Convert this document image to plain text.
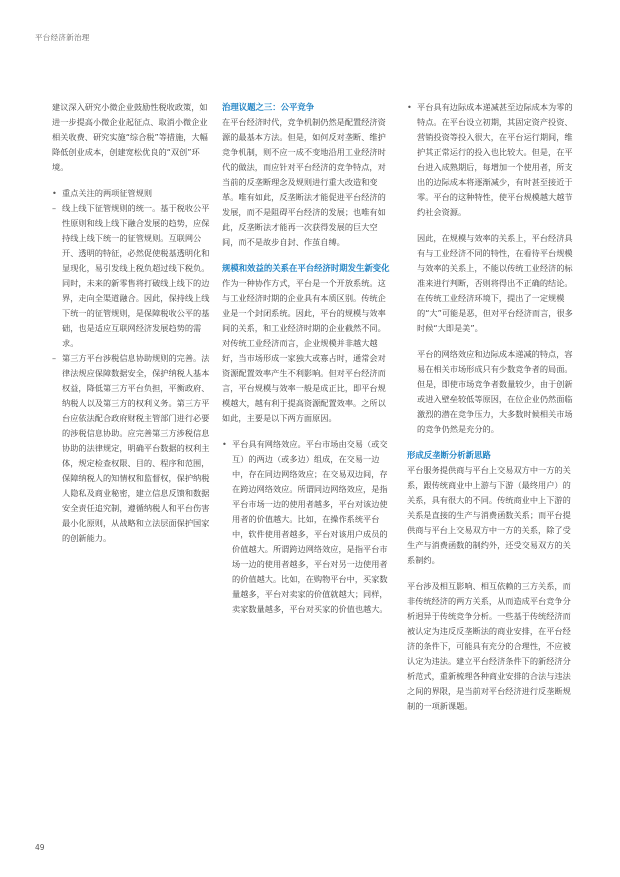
平台经济新治理

建议深入研究小微企业鼓励性税收政策，如进一步提高小微企业起征点、取消小微企业相关收费、研究实施“综合税”等措施，大幅降低创业成本，创建宽松优良的“双创”环境。

• 重点关注的两项征管规则
– 线上线下征管规则的统一。基于税收公平性原则和线上线下融合发展的趋势，应保持线上线下统一的征管规则。互联网公开、透明的特征，必然促使税基透明化和显现化，易引发线上税负超过线下税负。同时，未来的新零售将打破线上线下的边界，走向全渠道融合。因此，保持线上线下统一的征管规则，是保障税收公平的基础，也是适应互联网经济发展趋势的需求。
– 第三方平台涉税信息协助规则的完善。法律法规应保障数据安全，保护纳税人基本权益，降低第三方平台负担，平衡政府、纳税人以及第三方的权利义务。第三方平台应依法配合政府财税主管部门进行必要的涉税信息协助。应完善第三方涉税信息协助的法律规定，明确平台数据的权利主体，规定检查权限、目的、程序和范围，保障纳税人的知情权和监督权，保护纳税人隐私及商业秘密，建立信息反馈和数据安全责任追究制，遵循纳税人和平台伤害最小化原则，从战略和立法层面保护国家的创新能力。
治理议题之三：公平竞争

在平台经济时代，竞争机制仍然是配置经济资源的最基本方法。但是，如何反对垄断、维护竞争机制，则不应一成不变地沿用工业经济时代的做法，而应针对平台经济的竞争特点，对当前的反垄断理念及规则进行重大改造和变革。唯有如此，反垄断法才能促进平台经济的发展，而不是阻碍平台经济的发展；也唯有如此，反垄断法才能再一次获得发展的巨大空间，而不是故步自封、作茧自缚。

规模和效益的关系在平台经济时期发生新变化

作为一种协作方式，平台是一个开放系统。这与工业经济时期的企业具有本质区别。传统企业是一个封闭系统。因此，平台的规模与效率间的关系，和工业经济时期的企业截然不同。对传统工业经济而言，企业规模并非越大越好，当市场形成一家独大或寡占时，通常会对资源配置效率产生不利影响。但对平台经济而言，平台规模与效率一般是成正比，即平台规模越大，越有利于提高资源配置效率。之所以如此，主要是以下两方面原因。

• 平台具有网络效应。平台市场由交易（或交互）的两边（或多边）组成，在交易一边中，存在同边网络效应；在交易双边间，存在跨边网络效应。所谓同边网络效应，是指平台市场一边的使用者越多，平台对该边使用者的价值越大。比如，在操作系统平台中，软件使用者越多，平台对该用户成员的价值越大。所谓跨边网络效应，是指平台市场一边的使用者越多，平台对另一边使用者的价值越大。比如，在购物平台中，买家数量越多，平台对卖家的价值就越大；同样，卖家数量越多，平台对买家的价值也越大。
• 平台具有边际成本递减甚至边际成本为零的特点。在平台设立初期，其固定资产投资、营销投资等投入很大，在平台运行期间，维护其正常运行的投入也比较大。但是，在平台进入成熟期后，每增加一个使用者，所支出的边际成本将逐渐减少，有时甚至接近于零。平台的这种特性，使平台规模越大越节约社会资源。

因此，在规模与效率的关系上，平台经济具有与工业经济不同的特性，在看待平台规模与效率的关系上，不能以传统工业经济的标准来进行判断，否则将得出不正确的结论。在传统工业经济环境下，提出了一定规模的“大”可能是恶，但对平台经济而言，很多时候“大即是美”。

平台的网络效应和边际成本递减的特点，容易在相关市场形成只有少数竞争者的局面。但是，即使市场竞争者数量较少，由于创新或进入壁垒较低等原因，在位企业仍然面临激烈的潜在竞争压力，大多数时候相关市场的竞争仍然是充分的。

形成反垄断分析新思路

平台服务提供商与平台上交易双方中一方的关系，跟传统商业中上游与下游（最终用户）的关系，具有很大的不同。传统商业中上下游的关系是直接的生产与消费函数关系；而平台提供商与平台上交易双方中一方的关系，除了受生产与消费函数的制约外，还受交易双方的关系制约。

平台涉及相互影响、相互依赖的三方关系，而非传统经济的两方关系，从而造成平台竞争分析迥异于传统竞争分析。一些基于传统经济而被认定为违反反垄断法的商业安排，在平台经济的条件下，可能具有充分的合理性，不应被认定为违法。建立平台经济条件下的新经济分析范式，重新梳理各种商业安排的合法与违法之间的界限，是当前对平台经济进行反垄断规制的一项新课题。

49
